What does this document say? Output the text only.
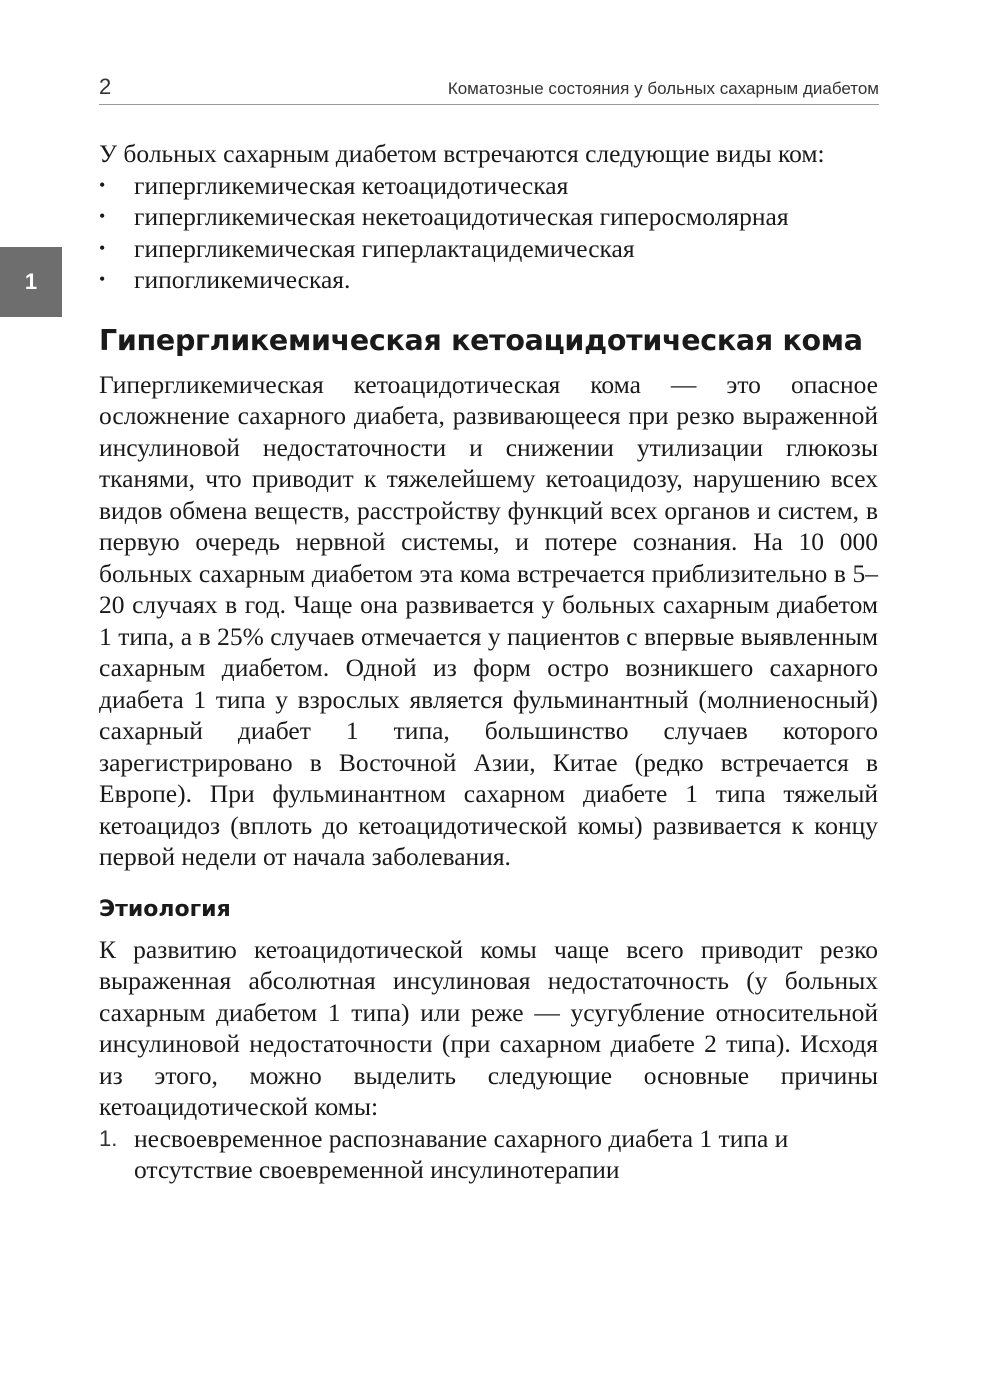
2	Коматозные состояния у больных сахарным диабетом
1

У больных сахарным диабетом встречаются следующие виды ком:

• гипергликемическая кетоацидотическая
• гипергликемическая некетоацидотическая гиперосмолярная
• гипергликемическая гиперлактацидемическая
• гипогликемическая.
Гипергликемическая кетоацидотическая кома

Гипергликемическая кетоацидотическая кома — это опасное осложнение сахарного диабета, развивающееся при резко выраженной инсулиновой недостаточности и снижении утилизации глюкозы тканями, что приводит к тяжелейшему кетоацидозу, нарушению всех видов обмена веществ, расстройству функций всех органов и систем, в первую очередь нервной системы, и потере сознания. На 10 000 больных сахарным диабетом эта кома встречается приблизительно в 5–20 случаях в год. Чаще она развивается у больных сахарным диабетом 1 типа, а в 25% случаев отмечается у пациентов с впервые выявленным сахарным диабетом. Одной из форм остро возникшего сахарного диабета 1 типа у взрослых является фульминантный (молниеносный) сахарный диабет 1 типа, большинство случаев которого зарегистрировано в Восточной Азии, Китае (редко встречается в Европе). При фульминантном сахарном диабете 1 типа тяжелый кетоацидоз (вплоть до кетоацидотической комы) развивается к концу первой недели от начала заболевания.

Этиология

К развитию кетоацидотической комы чаще всего приводит резко выраженная абсолютная инсулиновая недостаточность (у больных сахарным диабетом 1 типа) или реже — усугубление относительной инсулиновой недостаточности (при сахарном диабете 2 типа). Исходя из этого, можно выделить следующие основные причины кетоацидотической комы:

1. несвоевременное распознавание сахарного диабета 1 типа и отсутствие своевременной инсулинотерапии
